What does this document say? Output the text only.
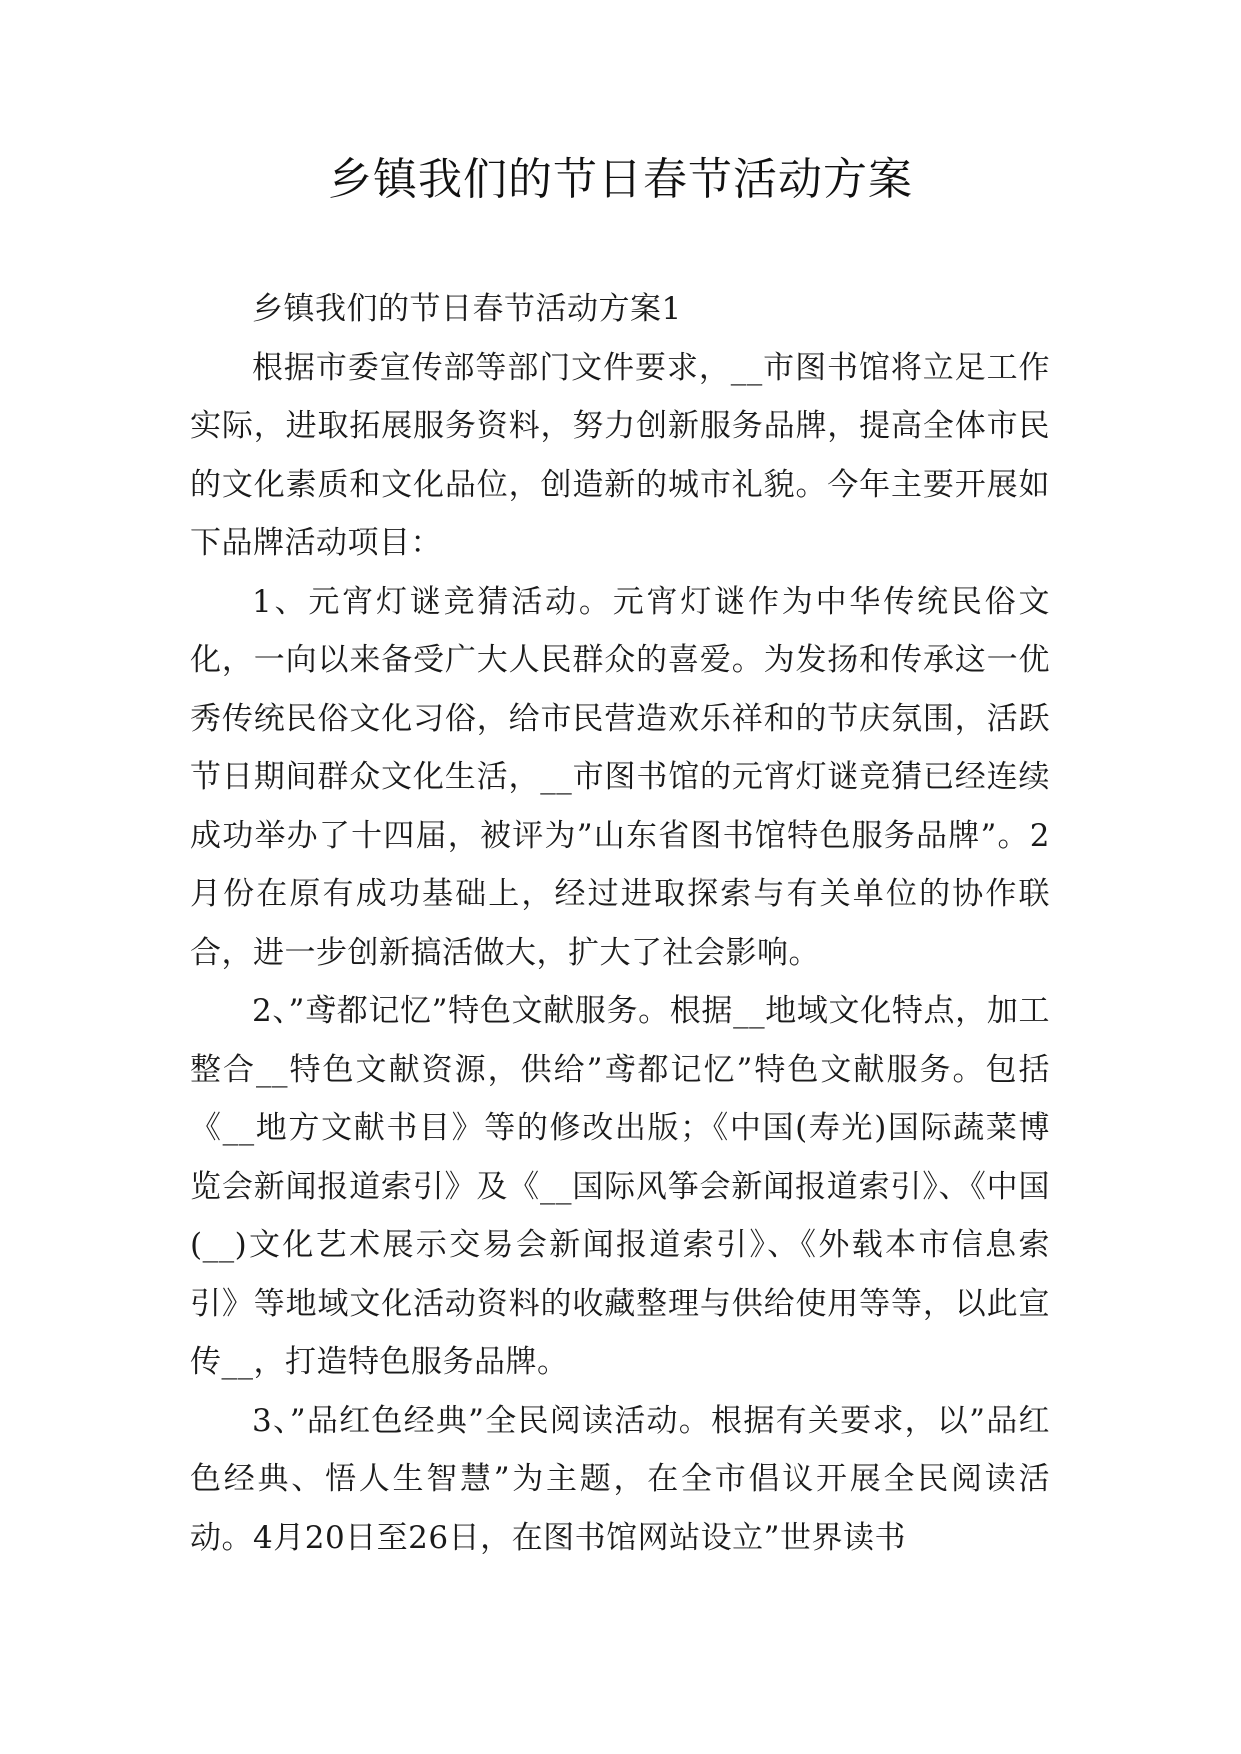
乡镇我们的节日春节活动方案

乡镇我们的节日春节活动方案1

根据市委宣传部等部门文件要求，__市图书馆将立足工作实际，进取拓展服务资料，努力创新服务品牌，提高全体市民的文化素质和文化品位，创造新的城市礼貌。今年主要开展如下品牌活动项目：

1、元宵灯谜竞猜活动。元宵灯谜作为中华传统民俗文化，一向以来备受广大人民群众的喜爱。为发扬和传承这一优秀传统民俗文化习俗，给市民营造欢乐祥和的节庆氛围，活跃节日期间群众文化生活，__市图书馆的元宵灯谜竞猜已经连续成功举办了十四届，被评为”山东省图书馆特色服务品牌”。2月份在原有成功基础上，经过进取探索与有关单位的协作联合，进一步创新搞活做大，扩大了社会影响。

2、”鸢都记忆”特色文献服务。根据__地域文化特点，加工整合__特色文献资源，供给”鸢都记忆”特色文献服务。包括《__地方文献书目》等的修改出版；《中国(寿光)国际蔬菜博览会新闻报道索引》及《__国际风筝会新闻报道索引》、《中国(__)文化艺术展示交易会新闻报道索引》、《外载本市信息索引》等地域文化活动资料的收藏整理与供给使用等等，以此宣传__，打造特色服务品牌。

3、”品红色经典”全民阅读活动。根据有关要求，以”品红色经典、悟人生智慧”为主题，在全市倡议开展全民阅读活动。4月20日至26日，在图书馆网站设立”世界读书
